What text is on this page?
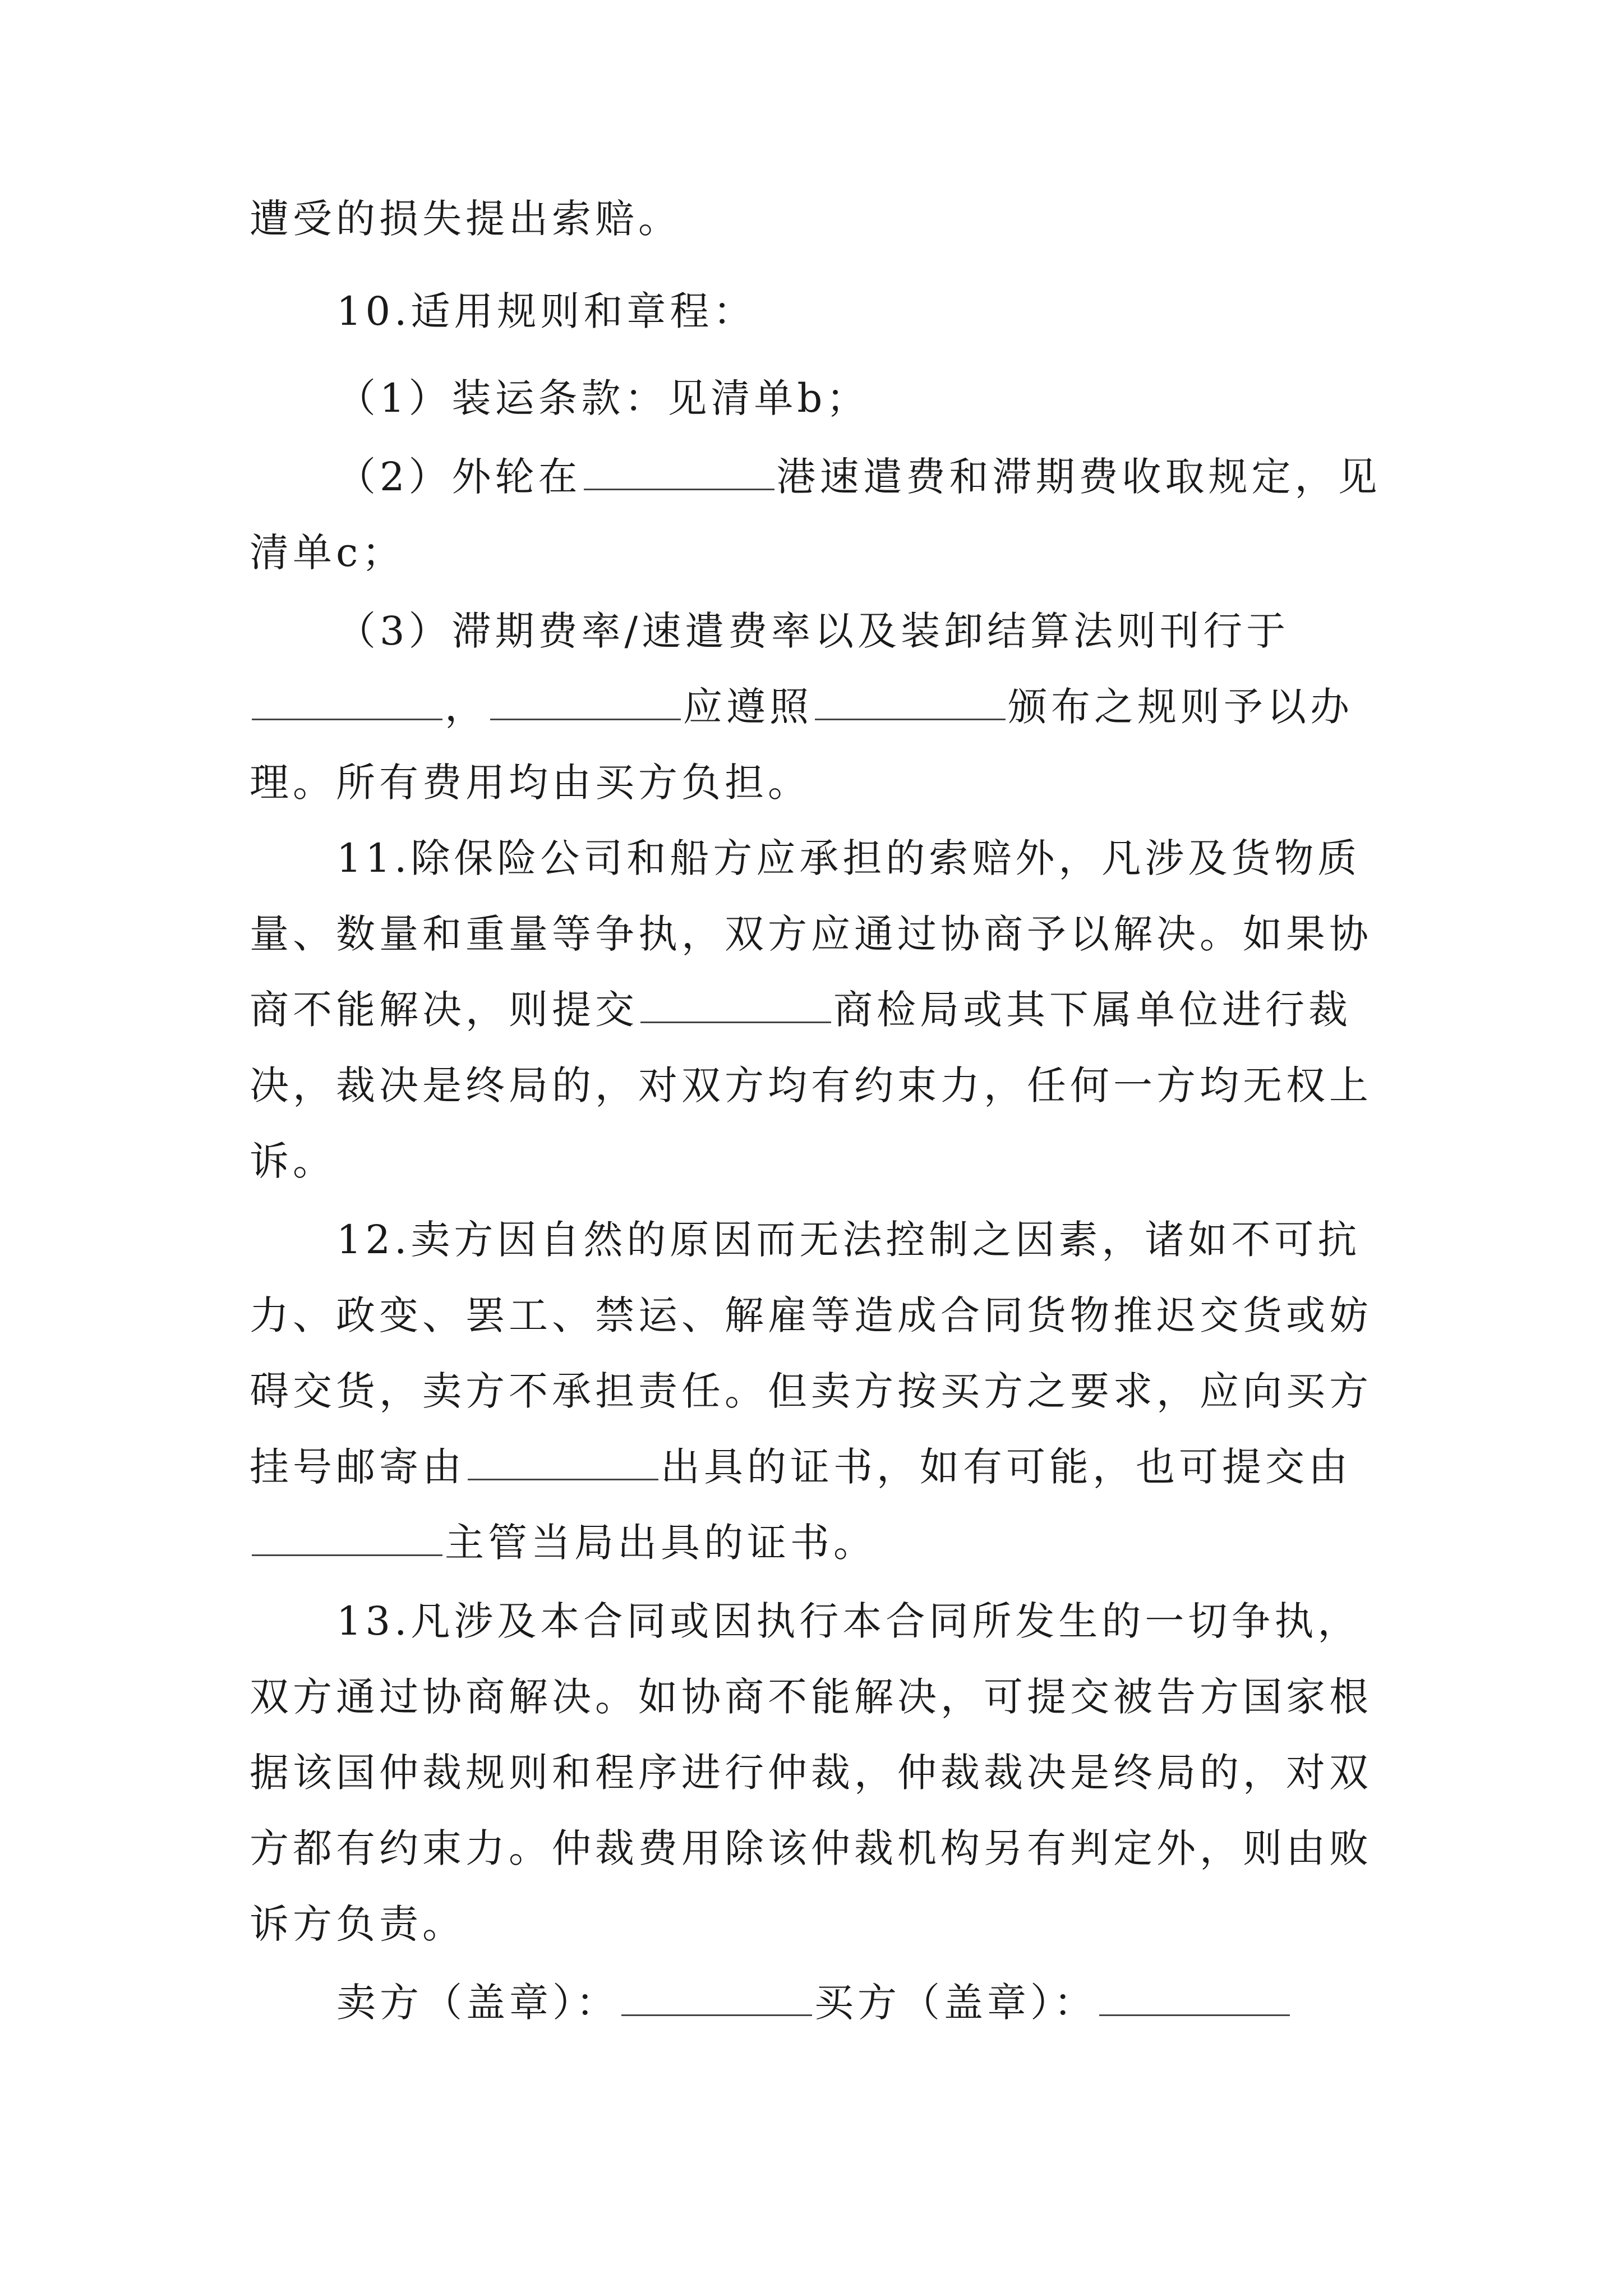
遭受的损失提出索赔。
10.适用规则和章程：
（1）装运条款：见清单b；
（2）外轮在	港速遣费和滞期费收取规定，见
清单c；
（3）滞期费率/速遣费率以及装卸结算法则刊行于
，	应遵照	颁布之规则予以办
理。所有费用均由买方负担。
11.除保险公司和船方应承担的索赔外，凡涉及货物质
量、数量和重量等争执，双方应通过协商予以解决。如果协
商不能解决，则提交	商检局或其下属单位进行裁
决，裁决是终局的，对双方均有约束力，任何一方均无权上
诉。
12.卖方因自然的原因而无法控制之因素，诸如不可抗
力、政变、罢工、禁运、解雇等造成合同货物推迟交货或妨
碍交货，卖方不承担责任。但卖方按买方之要求，应向买方
挂号邮寄由	出具的证书，如有可能，也可提交由
主管当局出具的证书。
13.凡涉及本合同或因执行本合同所发生的一切争执，
双方通过协商解决。如协商不能解决，可提交被告方国家根
据该国仲裁规则和程序进行仲裁，仲裁裁决是终局的，对双
方都有约束力。仲裁费用除该仲裁机构另有判定外，则由败
诉方负责。
卖方（盖章）：	买方（盖章）：
